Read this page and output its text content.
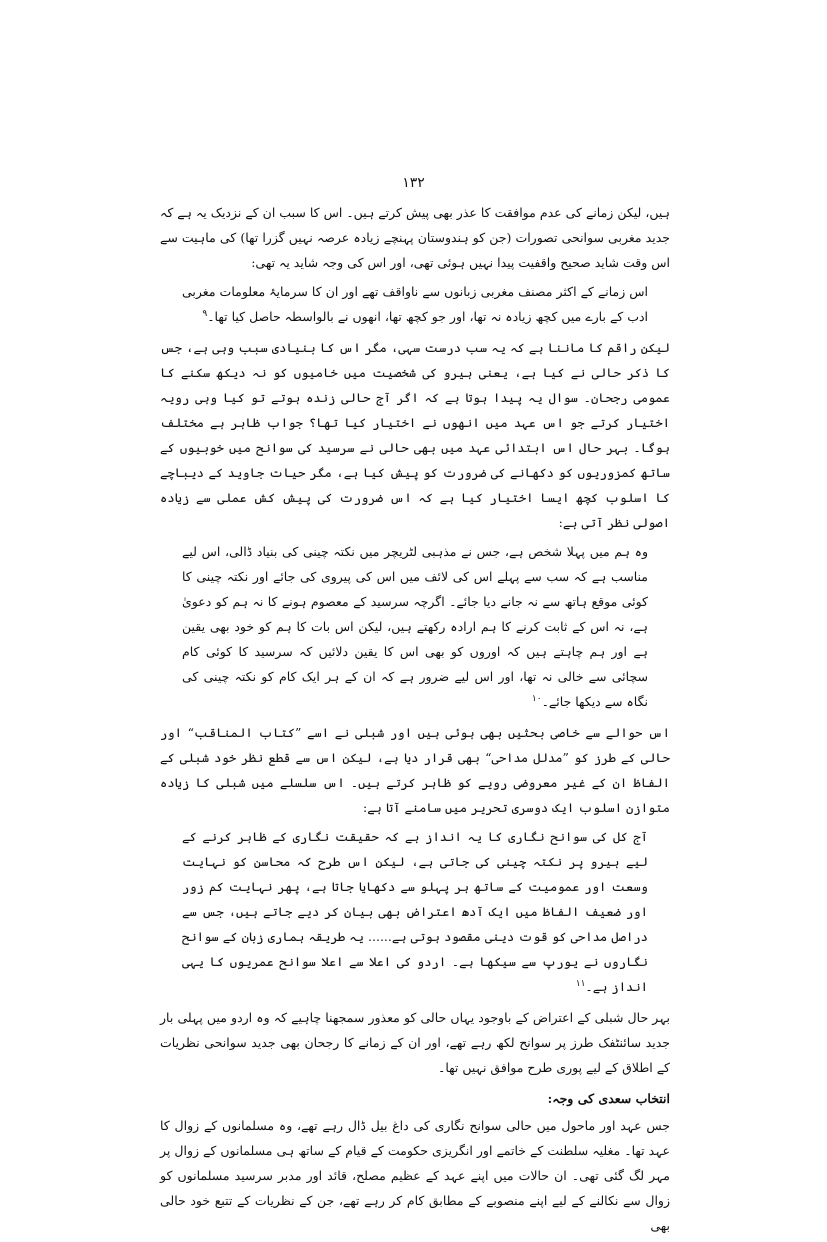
۱۳۲

ہیں، لیکن زمانے کی عدم موافقت کا عذر بھی پیش کرتے ہیں۔ اس کا سبب ان کے نزدیک یہ ہے کہ جدید مغربی سوانحی تصورات (جن کو ہندوستان پہنچے زیادہ عرصہ نہیں گزرا تھا) کی ماہیت سے اس وقت شاید صحیح واقفیت پیدا نہیں ہوئی تھی، اور اس کی وجہ شاید یہ تھی:

اس زمانے کے اکثر مصنف مغربی زبانوں سے ناواقف تھے اور ان کا سرمایۂ معلومات مغربی ادب کے بارے میں کچھ زیادہ نہ تھا، اور جو کچھ تھا، انھوں نے بالواسطہ حاصل کیا تھا۔$^۹$

لیکن راقم کا ماننا ہے کہ یہ سب درست سہی، مگر اس کا بنیادی سبب وہی ہے، جس کا ذکر حالی نے کیا ہے، یعنی ہیرو کی شخصیت میں خامیوں کو نہ دیکھ سکنے کا عمومی رجحان۔ سوال یہ پیدا ہوتا ہے کہ اگر آج حالی زندہ ہوتے تو کیا وہی رویہ اختیار کرتے جو اس عہد میں انھوں نے اختیار کیا تھا؟ جواب ظاہر ہے مختلف ہوگا۔ بہر حال اس ابتدائی عہد میں بھی حالی نے سرسید کی سوانح میں خوبیوں کے ساتھ کمزوریوں کو دکھانے کی ضرورت کو پیش کیا ہے، مگر حیات جاوید کے دیباچے کا اسلوب کچھ ایسا اختیار کیا ہے کہ اس ضرورت کی پیش کش عملی سے زیادہ اصولی نظر آتی ہے:

وہ ہم میں پہلا شخص ہے، جس نے مذہبی لٹریچر میں نکتہ چینی کی بنیاد ڈالی، اس لیے مناسب ہے کہ سب سے پہلے اس کی لائف میں اس کی پیروی کی جائے اور نکتہ چینی کا کوئی موقع ہاتھ سے نہ جانے دیا جائے۔ اگرچہ سرسید کے معصوم ہونے کا نہ ہم کو دعویٰ ہے، نہ اس کے ثابت کرنے کا ہم ارادہ رکھتے ہیں، لیکن اس بات کا ہم کو خود بھی یقین ہے اور ہم چاہتے ہیں کہ اوروں کو بھی اس کا یقین دلائیں کہ سرسید کا کوئی کام سچائی سے خالی نہ تھا، اور اس لیے ضرور ہے کہ ان کے ہر ایک کام کو نکتہ چینی کی نگاہ سے دیکھا جائے۔$^{۱۰}$

اس حوالے سے خاصی بحثیں بھی ہوئی ہیں اور شبلی نے اسے ”کتاب المناقب“ اور حالی کے طرز کو ”مدلل مداحی“ بھی قرار دیا ہے، لیکن اس سے قطع نظر خود شبلی کے الفاظ ان کے غیر معروضی رویے کو ظاہر کرتے ہیں۔ اس سلسلے میں شبلی کا زیادہ متوازن اسلوب ایک دوسری تحریر میں سامنے آتا ہے:

آج کل کی سوانح نگاری کا یہ انداز ہے کہ حقیقت نگاری کے ظاہر کرنے کے لیے ہیرو پر نکتہ چینی کی جاتی ہے، لیکن اس طرح کہ محاسن کو نہایت وسعت اور عمومیت کے ساتھ ہر پہلو سے دکھایا جاتا ہے، پھر نہایت کم زور اور ضعیف الفاظ میں ایک آدھ اعتراض بھی بیان کر دیے جاتے ہیں، جس سے دراصل مداحی کو قوت دینی مقصود ہوتی ہے...... یہ طریقہ ہماری زبان کے سوانح نگاروں نے یورپ سے سیکھا ہے۔ اردو کی اعلا سے اعلا سوانح عمریوں کا یہی انداز ہے۔$^{۱۱}$

بہر حال شبلی کے اعتراض کے باوجود یہاں حالی کو معذور سمجھنا چاہیے کہ وہ اردو میں پہلی بار جدید سائنٹفک طرز پر سوانح لکھ رہے تھے، اور ان کے زمانے کا رجحان بھی جدید سوانحی نظریات کے اطلاق کے لیے پوری طرح موافق نہیں تھا۔

انتخاب سعدی کی وجہ:

جس عہد اور ماحول میں حالی سوانح نگاری کی داغ بیل ڈال رہے تھے، وہ مسلمانوں کے زوال کا عہد تھا۔ مغلیہ سلطنت کے خاتمے اور انگریزی حکومت کے قیام کے ساتھ ہی مسلمانوں کے زوال پر مہر لگ گئی تھی۔ ان حالات میں اپنے عہد کے عظیم مصلح، قائد اور مدبر سرسید مسلمانوں کو زوال سے نکالنے کے لیے اپنے منصوبے کے مطابق کام کر رہے تھے، جن کے نظریات کے تتبع خود حالی بھی
